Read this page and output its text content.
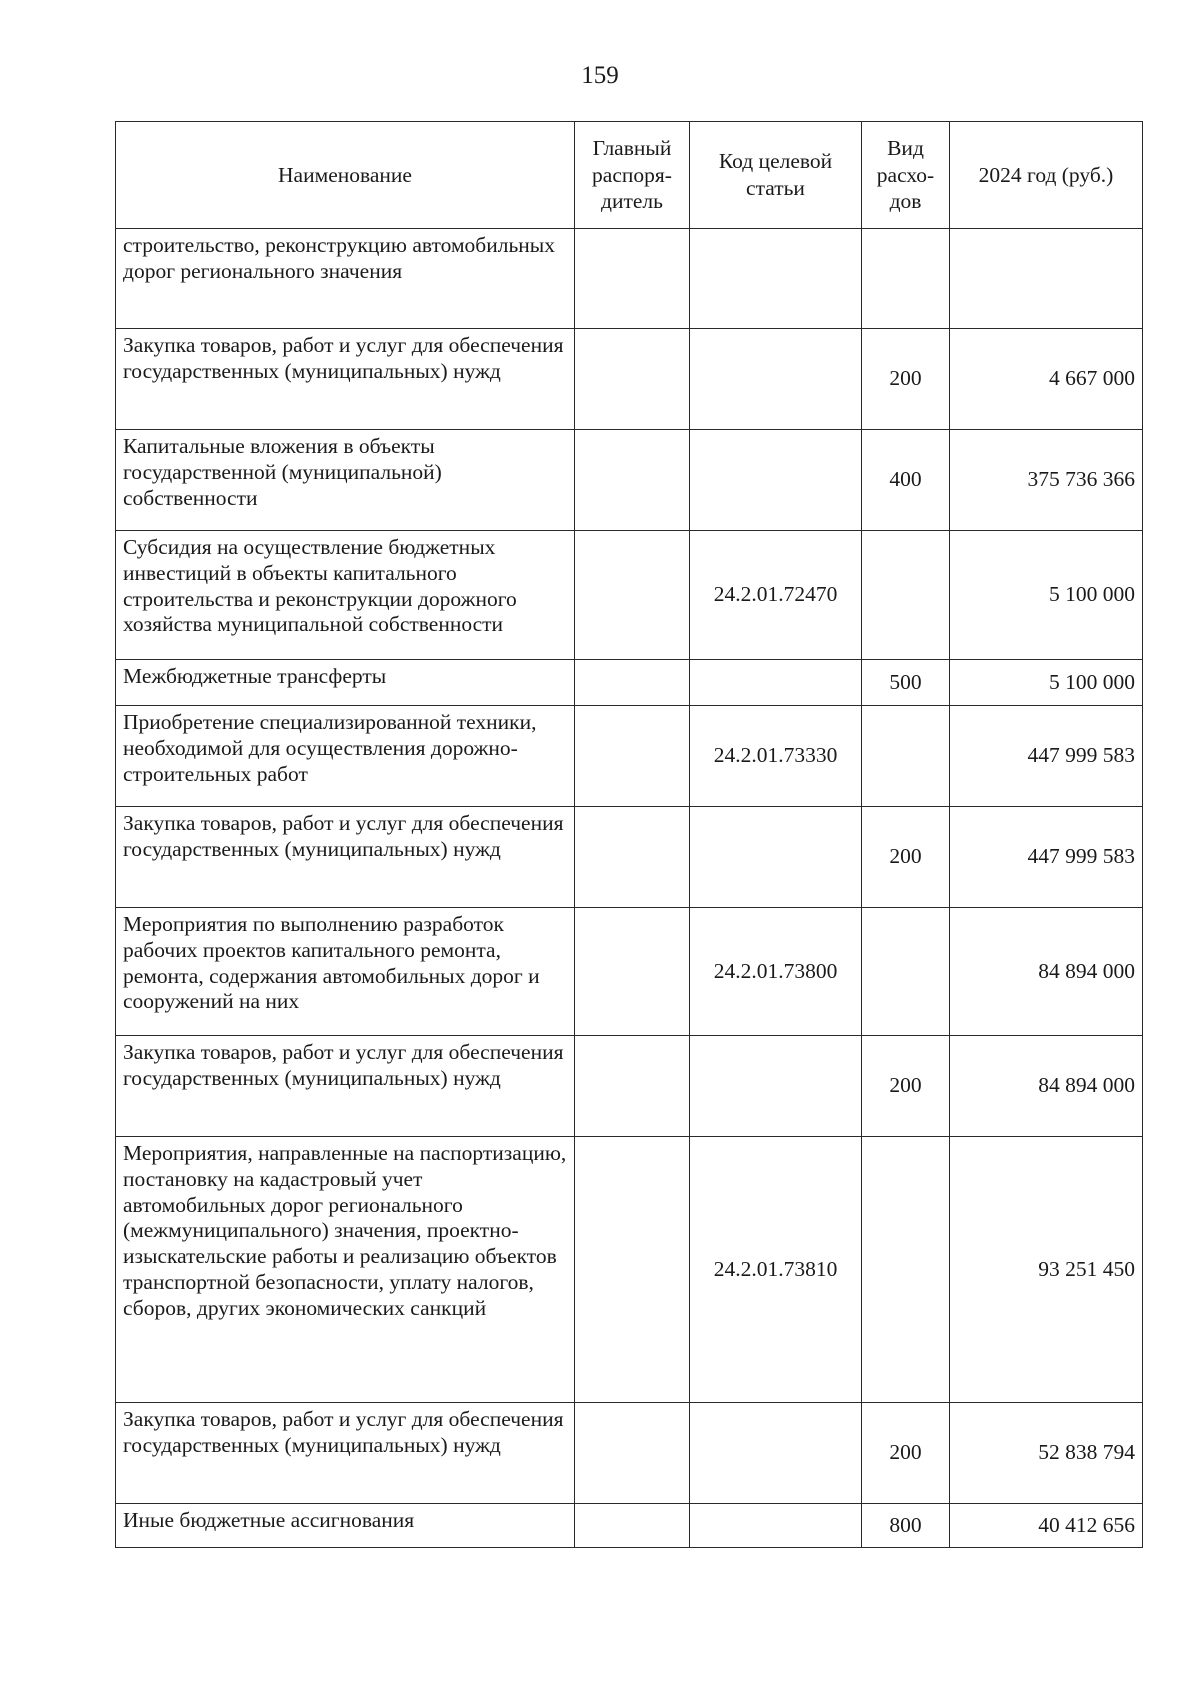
159
Наименование	Главный распоря-дитель	Код целевой статьи	Вид расхо-дов	2024 год (руб.)
строительство, реконструкцию автомобильных дорог регионального значения				
Закупка товаров, работ и услуг для обеспечения государственных (муниципальных) нужд			200	4 667 000
Капитальные вложения в объекты государственной (муниципальной) собственности			400	375 736 366
Субсидия на осуществление бюджетных инвестиций в объекты капитального строительства и реконструкции дорожного хозяйства муниципальной собственности		24.2.01.72470		5 100 000
Межбюджетные трансферты			500	5 100 000
Приобретение специализированной техники, необходимой для осуществления дорожно-строительных работ		24.2.01.73330		447 999 583
Закупка товаров, работ и услуг для обеспечения государственных (муниципальных) нужд			200	447 999 583
Мероприятия по выполнению разработок рабочих проектов капитального ремонта, ремонта, содержания автомобильных дорог и сооружений на них		24.2.01.73800		84 894 000
Закупка товаров, работ и услуг для обеспечения государственных (муниципальных) нужд			200	84 894 000
Мероприятия, направленные на паспортизацию, постановку на кадастровый учет автомобильных дорог регионального (межмуниципального) значения, проектно-изыскательские работы и реализацию объектов транспортной безопасности, уплату налогов, сборов, других экономических санкций		24.2.01.73810		93 251 450
Закупка товаров, работ и услуг для обеспечения государственных (муниципальных) нужд			200	52 838 794
Иные бюджетные ассигнования			800	40 412 656
